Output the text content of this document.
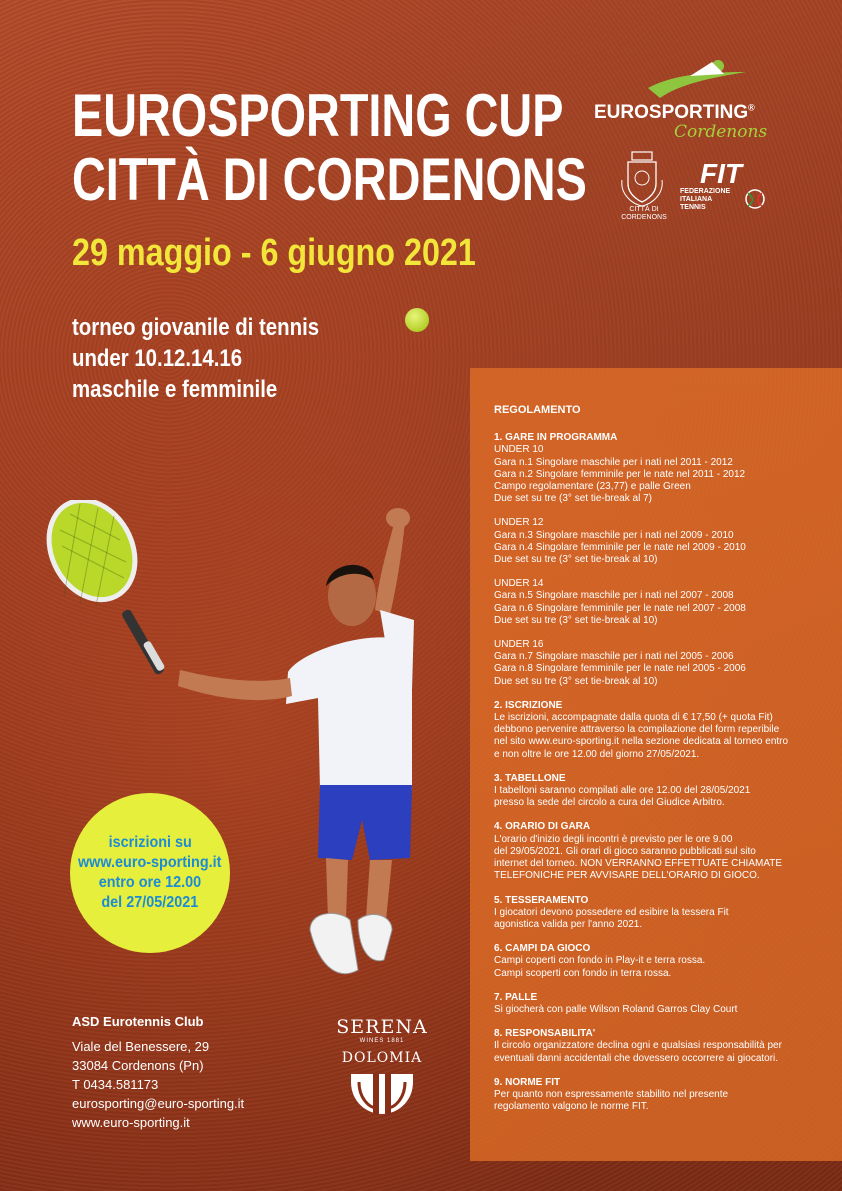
EUROSPORTING CUP
CITTÀ DI CORDENONS
29 maggio - 6 giugno 2021
torneo giovanile di tennis
under 10.12.14.16
maschile e femminile
EUROSPORTING®
Cordenons
CITTÀ DI
CORDENONS
FIT
FEDERAZIONE
ITALIANA
TENNIS
iscrizioni su
www.euro-sporting.it
entro ore 12.00
del 27/05/2021
ASD Eurotennis Club
Viale del Benessere, 29
33084 Cordenons (Pn)
T 0434.581173
eurosporting@euro-sporting.it
www.euro-sporting.it
SERENA
WINES 1881
DOLOMIA
REGOLAMENTO
1. GARE IN PROGRAMMA
UNDER 10
Gara n.1 Singolare maschile per i nati nel 2011 - 2012
Gara n.2 Singolare femminile per le nate nel 2011 - 2012
Campo regolamentare (23,77) e palle Green
Due set su tre (3° set tie-break al 7)
UNDER 12
Gara n.3 Singolare maschile per i nati nel 2009 - 2010
Gara n.4 Singolare femminile per le nate nel 2009 - 2010
Due set su tre (3° set tie-break al 10)
UNDER 14
Gara n.5 Singolare maschile per i nati nel 2007 - 2008
Gara n.6 Singolare femminile per le nate nel 2007 - 2008
Due set su tre (3° set tie-break al 10)
UNDER 16
Gara n.7 Singolare maschile per i nati nel 2005 - 2006
Gara n.8 Singolare femminile per le nate nel 2005 - 2006
Due set su tre (3° set tie-break al 10)
2. ISCRIZIONE
Le iscrizioni, accompagnate dalla quota di € 17,50 (+ quota Fit)
debbono pervenire attraverso la compilazione del form reperibile
nel sito www.euro-sporting.it nella sezione dedicata al torneo entro
e non oltre le ore 12.00 del giorno 27/05/2021.
3. TABELLONE
I tabelloni saranno compilati alle ore 12.00 del 28/05/2021
presso la sede del circolo a cura del Giudice Arbitro.
4. ORARIO DI GARA
L'orario d'inizio degli incontri è previsto per le ore 9.00
del 29/05/2021. Gli orari di gioco saranno pubblicati sul sito
internet del torneo. NON VERRANNO EFFETTUATE CHIAMATE
TELEFONICHE PER AVVISARE DELL'ORARIO DI GIOCO.
5. TESSERAMENTO
I giocatori devono possedere ed esibire la tessera Fit
agonistica valida per l'anno 2021.
6. CAMPI DA GIOCO
Campi coperti con fondo in Play-it e terra rossa.
Campi scoperti con fondo in terra rossa.
7. PALLE
Si giocherà con palle Wilson Roland Garros Clay Court
8. RESPONSABILITA'
Il circolo organizzatore declina ogni e qualsiasi responsabilità per
eventuali danni accidentali che dovessero occorrere ai giocatori.
9. NORME FIT
Per quanto non espressamente stabilito nel presente
regolamento valgono le norme FIT.
